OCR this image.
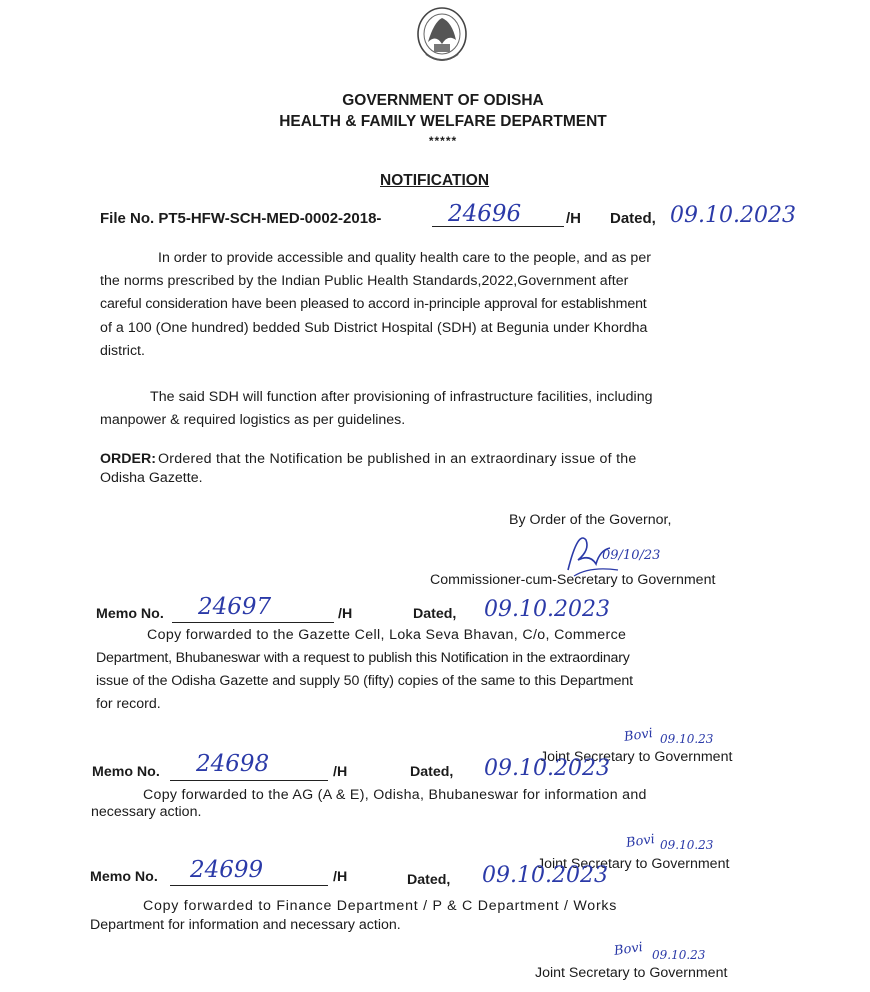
GOVERNMENT OF ODISHA
HEALTH & FAMILY WELFARE DEPARTMENT
*****
NOTIFICATION
File No. PT5-HFW-SCH-MED-0002-2018-	24696	/H Dated, 09.10.2023
In order to provide accessible and quality health care to the people, and as per
the norms prescribed by the Indian Public Health Standards,2022,Government after
careful consideration have been pleased to accord in-principle approval for establishment
of a 100 (One hundred) bedded Sub District Hospital (SDH) at Begunia under Khordha
district.
The said SDH will function after provisioning of infrastructure facilities, including
manpower & required logistics as per guidelines.
ORDER: Ordered that the Notification be published in an extraordinary issue of the
Odisha Gazette.
By Order of the Governor,
09/10/23
Commissioner-cum-Secretary to Government
Memo No. 24697	/H	Dated, 09.10.2023
Copy forwarded to the Gazette Cell, Loka Seva Bhavan, C/o, Commerce
Department, Bhubaneswar with a request to publish this Notification in the extraordinary
issue of the Odisha Gazette and supply 50 (fifty) copies of the same to this Department
for record.
Bovi 09.10.23
Joint Secretary to Government
Memo No. 24698	/H	Dated, 09.10.2023
Copy forwarded to the AG (A & E), Odisha, Bhubaneswar for information and
necessary action.
Bovi 09.10.23
Joint Secretary to Government
Memo No. 24699	/H	Dated, 09.10.2023
Copy forwarded to Finance Department / P & C Department / Works
Department for information and necessary action.
Bovi 09.10.23
Joint Secretary to Government
